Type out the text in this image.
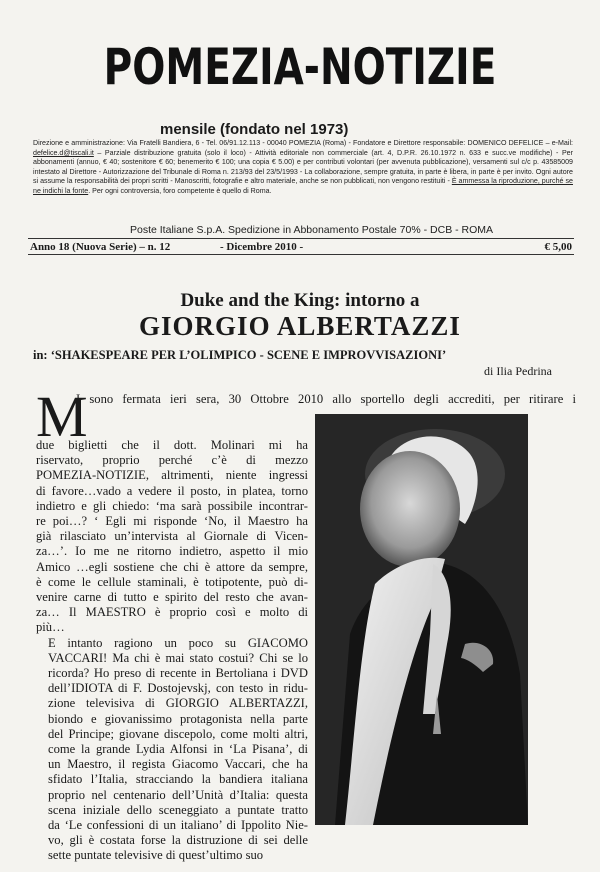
POMEZIA-NOTIZIE
mensile (fondato nel 1973)
Direzione e amministrazione: Via Fratelli Bandiera, 6 - Tel. 06/91.12.113 - 00040 POMEZIA (Roma) - Fondatore e Direttore responsabile: DOMENICO DEFELICE – e-Mail: defelice.d@tiscali.it – Parziale distribuzione gratuita (solo il loco) - Attività editoriale non commerciale (art. 4, D.P.R. 26.10.1972 n. 633 e succ.ve modifiche) - Per abbonamenti (annuo, € 40; sostenitore € 60; benemerito € 100; una copia € 5.00) e per contributi volontari (per avvenuta pubblicazione), versamenti sul c/c p. 43585009 intestato al Direttore - Autorizzazione del Tribunale di Roma n. 213/93 del 23/5/1993 - La collaborazione, sempre gratuita, in parte è libera, in parte è per invito. Ogni autore si assume la responsabilità dei propri scritti - Manoscritti, fotografie e altro materiale, anche se non pubblicati, non vengono restituiti - È ammessa la riproduzione, purché se ne indichi la fonte. Per ogni controversia, foro competente è quello di Roma.
Poste Italiane S.p.A. Spedizione in Abbonamento Postale 70% - DCB - ROMA
Anno 18 (Nuova Serie) – n. 12	- Dicembre 2010 -	€ 5,00
Duke and the King: intorno a
GIORGIO ALBERTAZZI
in: ‘SHAKESPEARE PER L’OLIMPICO - SCENE E IMPROVVISAZIONI’
di Ilia Pedrina
M
I sono fermata ieri sera, 30 Ottobre 2010 allo sportello degli accrediti, per ritirare i

due biglietti che il dott. Molinari mi ha
riservato, proprio perché c’è di mezzo
POMEZIA-NOTIZIE, altrimenti, niente ingressi
di favore…vado a vedere il posto, in platea, torno
indietro e gli chiedo: ‘ma sarà possibile incontrar-
re poi…? ‘ Egli mi risponde ‘No, il Maestro ha
già rilasciato un’intervista al Giornale di Vicen-
za…’. Io me ne ritorno indietro, aspetto il mio
Amico …egli sostiene che chi è attore da sempre,
è come le cellule staminali, è totipotente, può di-
venire carne di tutto e spirito del resto che avan-
za… Il MAESTRO è proprio così e molto di
più…

E intanto ragiono un poco su GIACOMO
VACCARI! Ma chi è mai stato costui? Chi se lo
ricorda? Ho preso di recente in Bertoliana i DVD
dell’IDIOTA di F. Dostojevskj, con testo in ridu-
zione televisiva di GIORGIO ALBERTAZZI,
biondo e giovanissimo protagonista nella parte
del Principe; giovane discepolo, come molti altri,
come la grande Lydia Alfonsi in ‘La Pisana’, di
un Maestro, il regista Giacomo Vaccari, che ha
sfidato l’Italia, stracciando la bandiera italiana
proprio nel centenario dell’Unità d’Italia: questa
scena iniziale dello sceneggiato a puntate tratto
da ‘Le confessioni di un italiano’ di Ippolito Nie-
vo, gli è costata forse la distruzione di sei delle
sette puntate televisive di quest’ultimo suo
